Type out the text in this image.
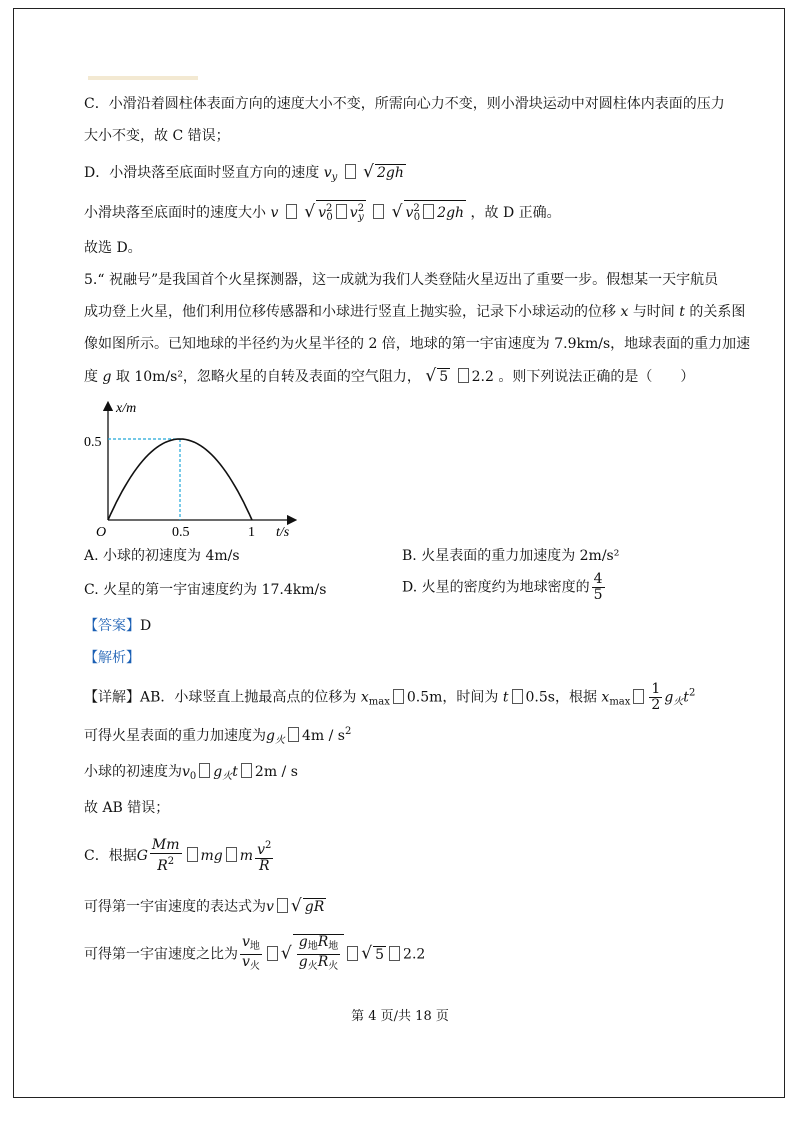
C．小滑沿着圆柱体表面方向的速度大小不变，所需向心力不变，则小滑块运动中对圆柱体内表面的压力
大小不变，故 C 错误；
D．小滑块落至底面时竖直方向的速度 $v_y$ √ 2gh
小滑块落至底面时的速度大小 v √ $v^2_0$ $v^2_y$ √ $v^2_0$ 2gh ，故 D 正确。
故选 D。
5.“ 祝融号”是我国首个火星探测器，这一成就为我们人类登陆火星迈出了重要一步。假想某一天宇航员
成功登上火星，他们利用位移传感器和小球进行竖直上抛实验，记录下小球运动的位移 x 与时间 t 的关系图
像如图所示。已知地球的半径约为火星半径的 2 倍，地球的第一宇宙速度为 7.9km/s，地球表面的重力加速
度 g 取 10m/s²，忽略火星的自转及表面的空气阻力， √ 5 2.2 。则下列说法正确的是（　　）
x/m
0.5
O	0.5	1 t/s
A. 小球的初速度为 4m/s	B. 火星表面的重力加速度为 2m/s²
C. 火星的第一宇宙速度约为 17.4km/s	D. 火星的密度约为地球密度的 $\frac{4}{5}$
【答案】D
【解析】
【详解】AB．小球竖直上抛最高点的位移为 $x_{max}$ 0.5m，时间为 t 0.5s，根据 $x_{max} \frac{1}{2} g_火t^2$
可得火星表面的重力加速度为$g_火$ $4m / s^2$
小球的初速度为$v_0$ $g_火t$ 2m / s
故 AB 错误；
C．根据G $\frac{Mm}{R^2}$ mg m $\frac{v^2}{R}$
可得第一宇宙速度的表达式为v √ gR
可得第一宇宙速度之比为 $\frac{v_地}{v_火}$ √ $\frac{g_地R_地}{g_火R_火}$ √ 5 2.2
第 4 页/共 18 页
